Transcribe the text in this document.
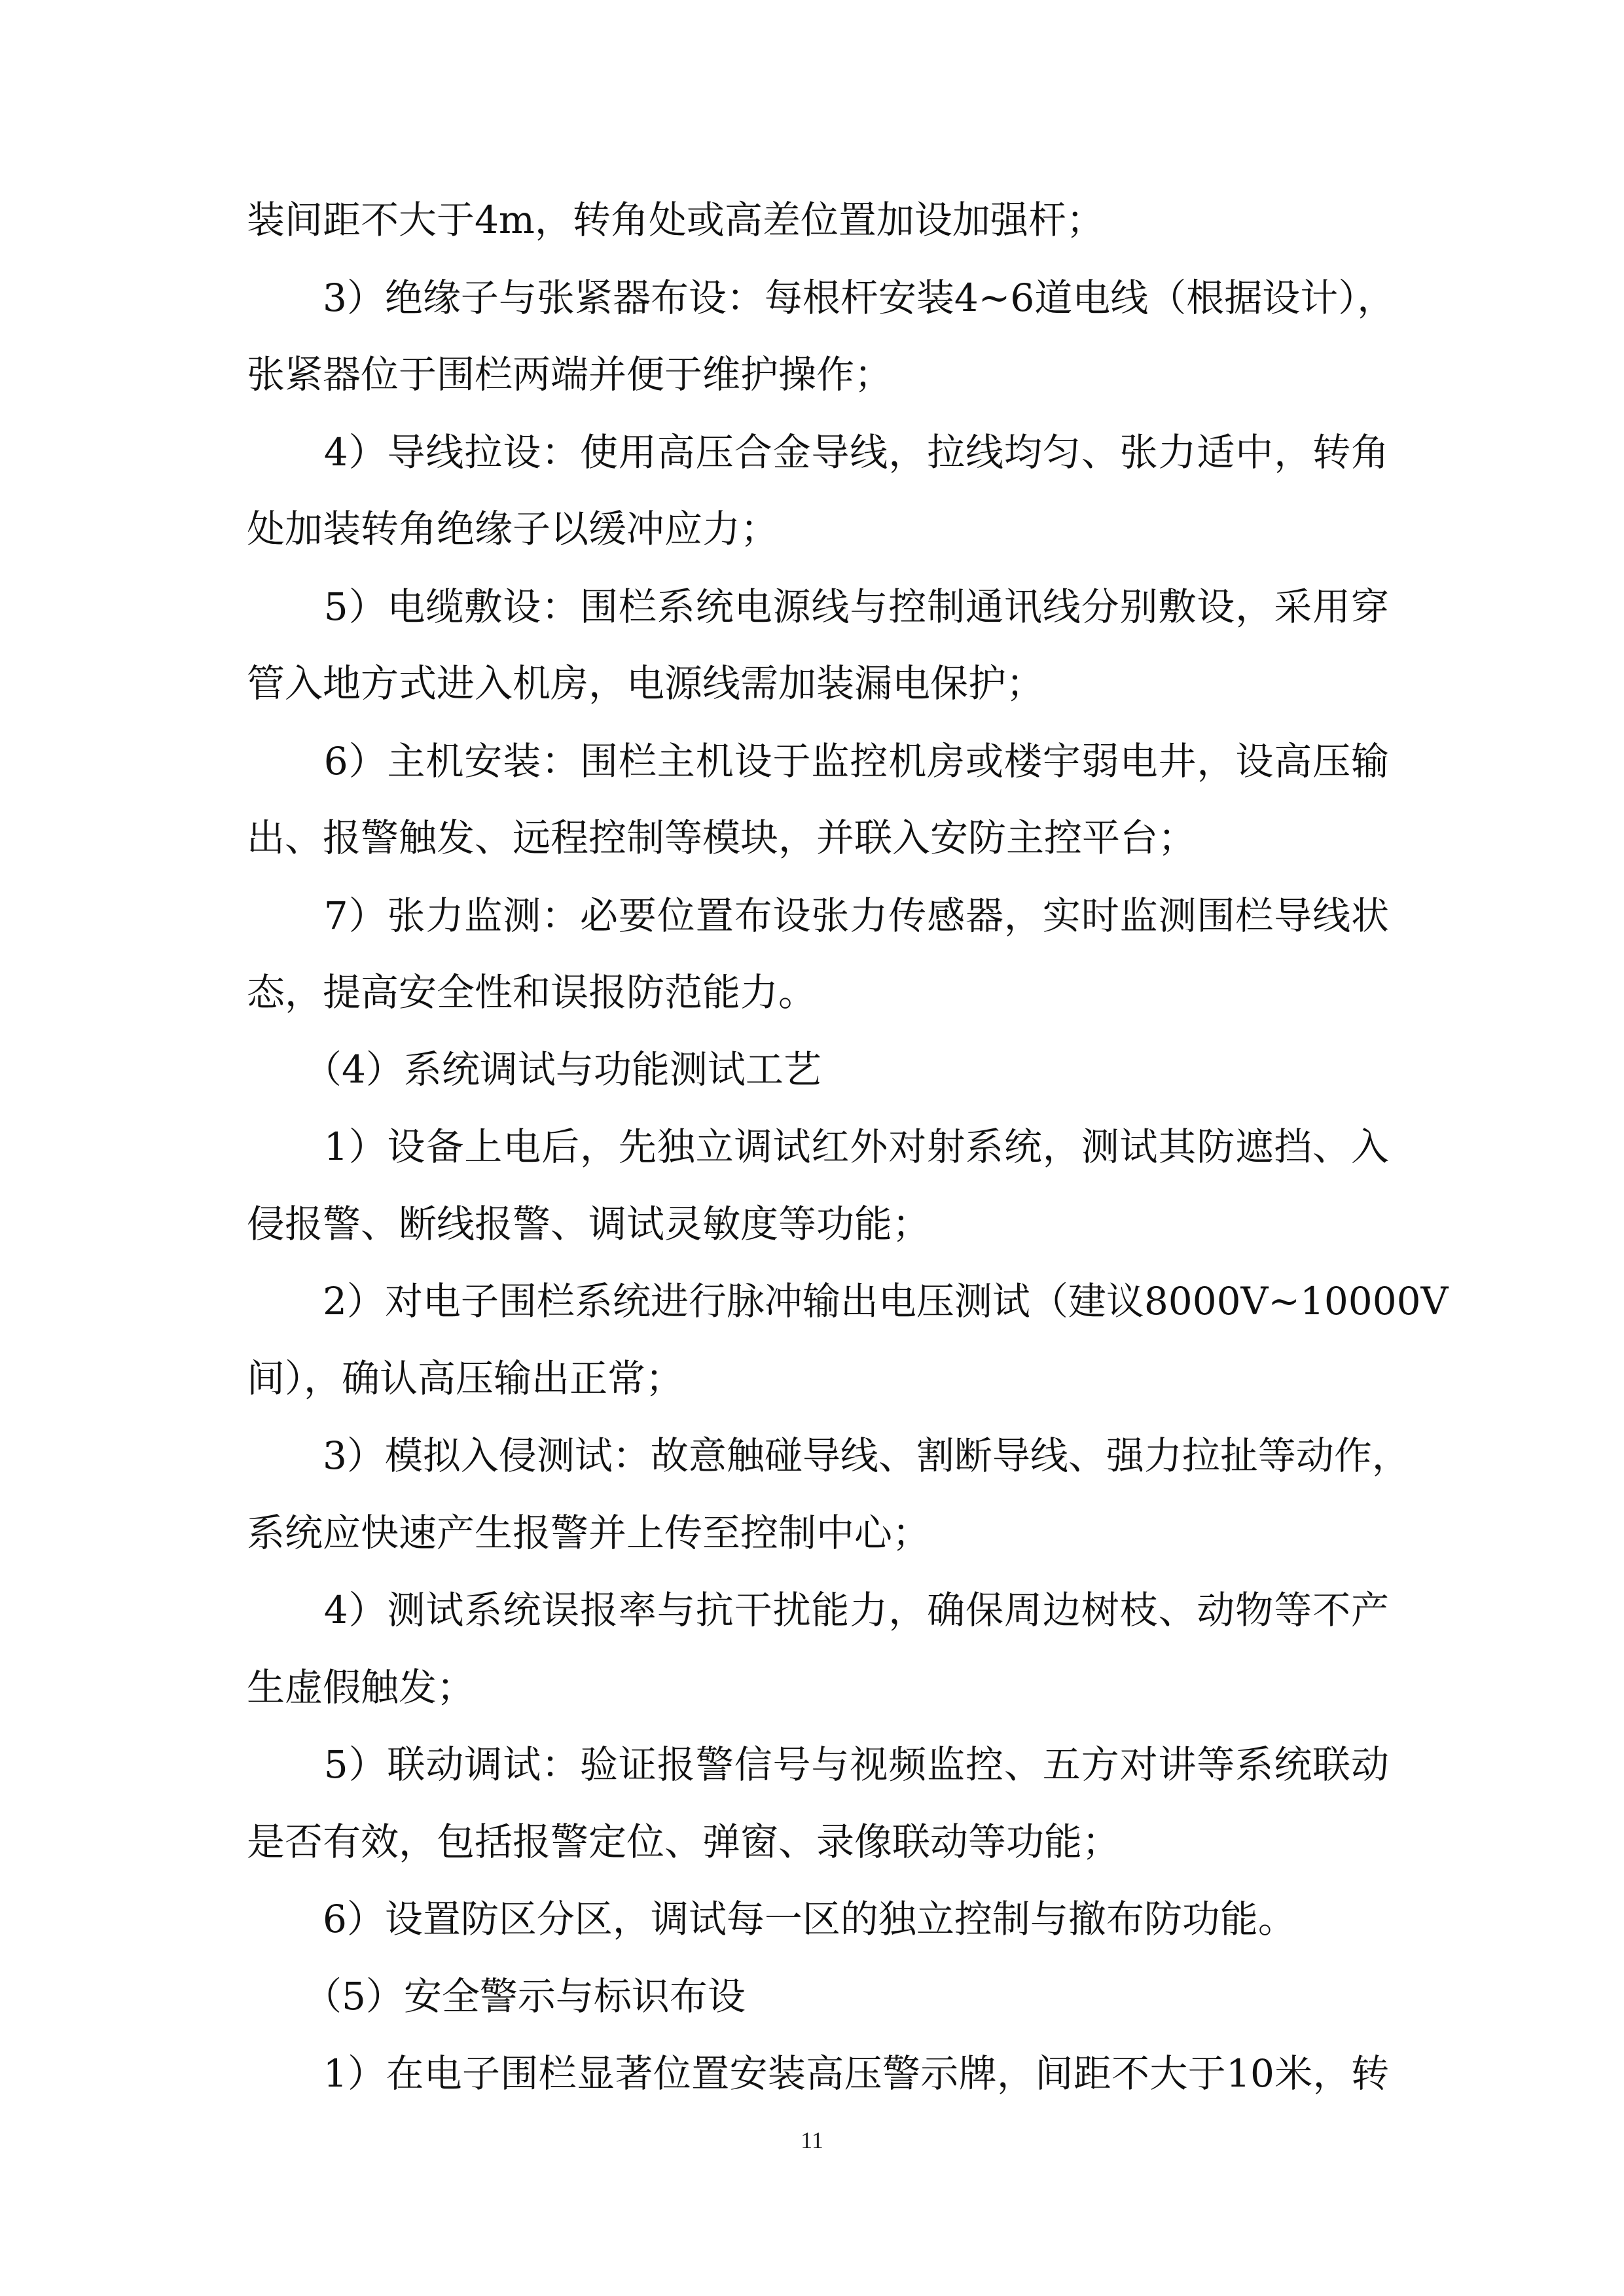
装间距不大于4m，转角处或高差位置加设加强杆；

　　3）绝缘子与张紧器布设：每根杆安装4~6道电线（根据设计），

张紧器位于围栏两端并便于维护操作；

　　4）导线拉设：使用高压合金导线，拉线均匀、张力适中，转角

处加装转角绝缘子以缓冲应力；

　　5）电缆敷设：围栏系统电源线与控制通讯线分别敷设，采用穿

管入地方式进入机房，电源线需加装漏电保护；

　　6）主机安装：围栏主机设于监控机房或楼宇弱电井，设高压输

出、报警触发、远程控制等模块，并联入安防主控平台；

　　7）张力监测：必要位置布设张力传感器，实时监测围栏导线状

态，提高安全性和误报防范能力。

　　（4）系统调试与功能测试工艺

　　1）设备上电后，先独立调试红外对射系统，测试其防遮挡、入

侵报警、断线报警、调试灵敏度等功能；

　　2）对电子围栏系统进行脉冲输出电压测试（建议8000V~10000V

间），确认高压输出正常；

　　3）模拟入侵测试：故意触碰导线、割断导线、强力拉扯等动作，

系统应快速产生报警并上传至控制中心；

　　4）测试系统误报率与抗干扰能力，确保周边树枝、动物等不产

生虚假触发；

　　5）联动调试：验证报警信号与视频监控、五方对讲等系统联动

是否有效，包括报警定位、弹窗、录像联动等功能；

　　6）设置防区分区，调试每一区的独立控制与撤布防功能。

　　（5）安全警示与标识布设

　　1）在电子围栏显著位置安装高压警示牌，间距不大于10米，转

11
